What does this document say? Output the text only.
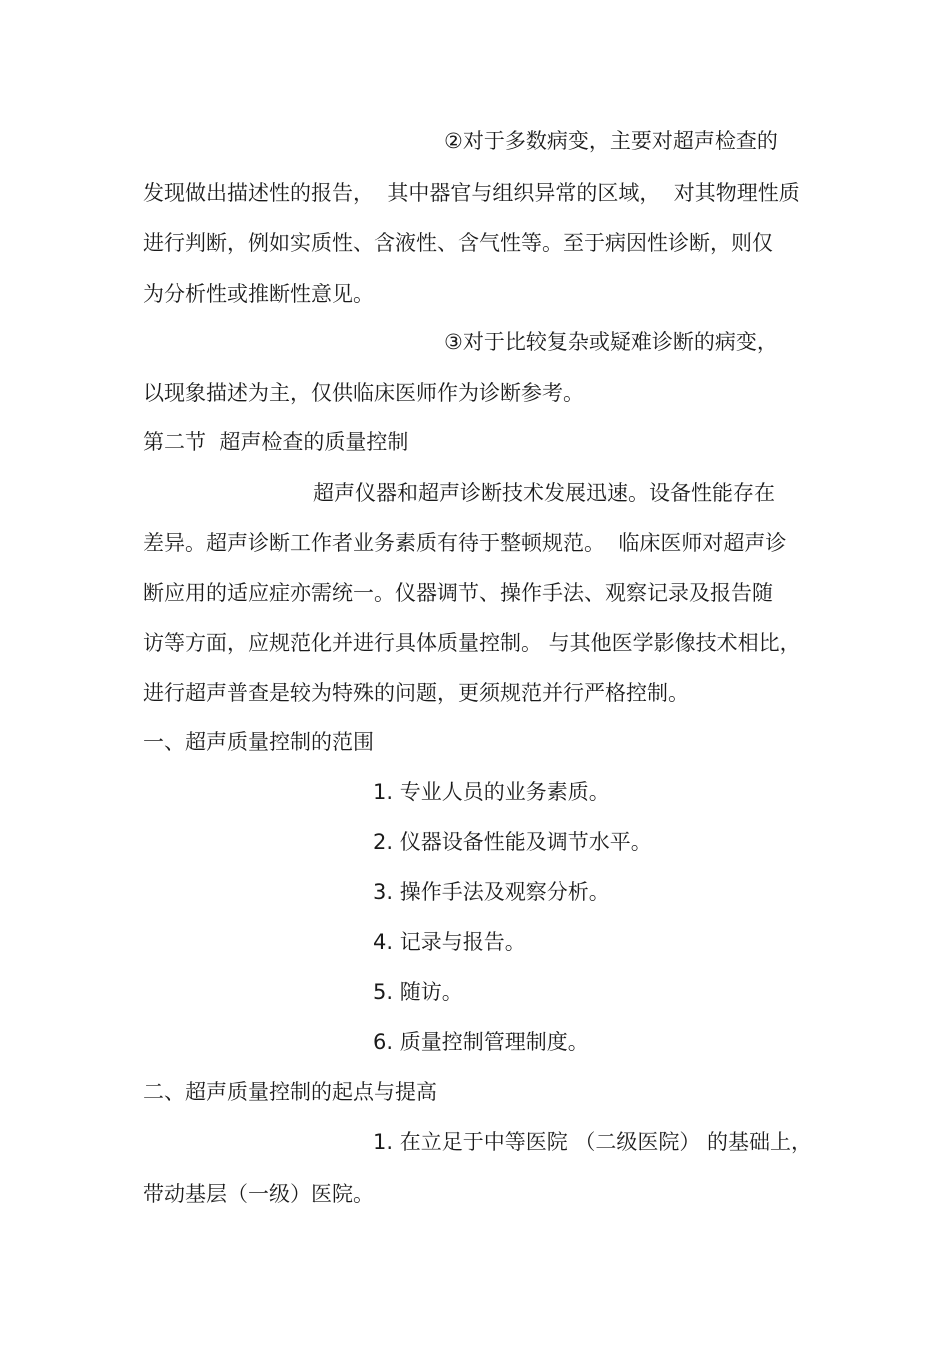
②对于多数病变，主要对超声检查的

发现做出描述性的报告，  其中器官与组织异常的区域，  对其物理性质

进行判断，例如实质性、含液性、含气性等。至于病因性诊断，则仅

为分析性或推断性意见。

③对于比较复杂或疑难诊断的病变，

以现象描述为主，仅供临床医师作为诊断参考。

第二节  超声检查的质量控制

超声仪器和超声诊断技术发展迅速。设备性能存在

差异。超声诊断工作者业务素质有待于整顿规范。  临床医师对超声诊

断应用的适应症亦需统一。仪器调节、操作手法、观察记录及报告随

访等方面，应规范化并进行具体质量控制。 与其他医学影像技术相比，

进行超声普查是较为特殊的问题，更须规范并行严格控制。

一、超声质量控制的范围

1. 专业人员的业务素质。

2. 仪器设备性能及调节水平。

3. 操作手法及观察分析。

4. 记录与报告。

5. 随访。

6. 质量控制管理制度。

二、超声质量控制的起点与提高

1. 在立足于中等医院 （二级医院） 的基础上，

带动基层（一级）医院。
